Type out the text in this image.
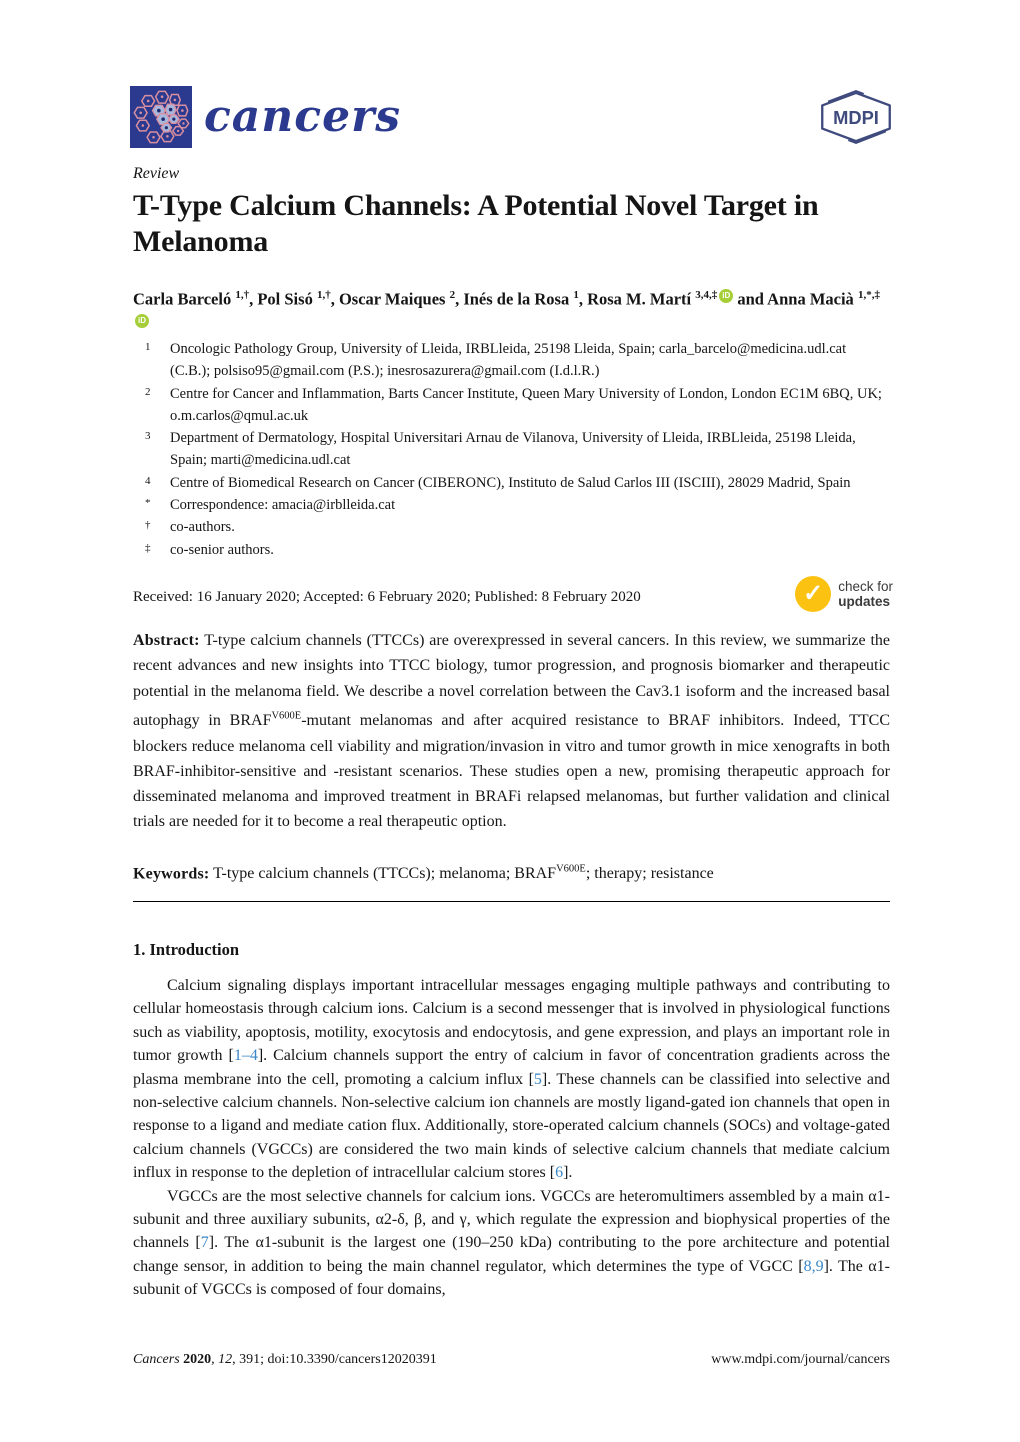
cancers	MDPI
Review
T-Type Calcium Channels: A Potential Novel Target in Melanoma
Carla Barceló $^{1,\dagger}$, Pol Sisó $^{1,\dagger}$, Oscar Maiques $^2$, Inés de la Rosa $^1$, Rosa M. Martí $^{3,4,\ddagger}$ iD and Anna Macià $^{1,*,\ddagger}$iD
1	Oncologic Pathology Group, University of Lleida, IRBLleida, 25198 Lleida, Spain; carla_barcelo@medicina.udl.cat (C.B.); polsiso95@gmail.com (P.S.); inesrosazurera@gmail.com (I.d.l.R.)
2	Centre for Cancer and Inflammation, Barts Cancer Institute, Queen Mary University of London, London EC1M 6BQ, UK; o.m.carlos@qmul.ac.uk
3	Department of Dermatology, Hospital Universitari Arnau de Vilanova, University of Lleida, IRBLleida, 25198 Lleida, Spain; marti@medicina.udl.cat
4	Centre of Biomedical Research on Cancer (CIBERONC), Instituto de Salud Carlos III (ISCIII), 28029 Madrid, Spain
*	Correspondence: amacia@irblleida.cat
†	co-authors.
‡	co-senior authors.
Received: 16 January 2020; Accepted: 6 February 2020; Published: 8 February 2020	✓	check for
updates
Abstract: T-type calcium channels (TTCCs) are overexpressed in several cancers. In this review, we summarize the recent advances and new insights into TTCC biology, tumor progression, and prognosis biomarker and therapeutic potential in the melanoma field. We describe a novel correlation between the Cav3.1 isoform and the increased basal autophagy in $BRAF^{V600E}$-mutant melanomas and after acquired resistance to BRAF inhibitors. Indeed, TTCC blockers reduce melanoma cell viability and migration/invasion in vitro and tumor growth in mice xenografts in both BRAF-inhibitor-sensitive and -resistant scenarios. These studies open a new, promising therapeutic approach for disseminated melanoma and improved treatment in BRAFi relapsed melanomas, but further validation and clinical trials are needed for it to become a real therapeutic option.
Keywords: T-type calcium channels (TTCCs); melanoma; $BRAF^{V600E}$; therapy; resistance
1. Introduction

Calcium signaling displays important intracellular messages engaging multiple pathways and contributing to cellular homeostasis through calcium ions. Calcium is a second messenger that is involved in physiological functions such as viability, apoptosis, motility, exocytosis and endocytosis, and gene expression, and plays an important role in tumor growth [1–4]. Calcium channels support the entry of calcium in favor of concentration gradients across the plasma membrane into the cell, promoting a calcium influx [5]. These channels can be classified into selective and non-selective calcium channels. Non-selective calcium ion channels are mostly ligand-gated ion channels that open in response to a ligand and mediate cation flux. Additionally, store-operated calcium channels (SOCs) and voltage-gated calcium channels (VGCCs) are considered the two main kinds of selective calcium channels that mediate calcium influx in response to the depletion of intracellular calcium stores [6].

VGCCs are the most selective channels for calcium ions. VGCCs are heteromultimers assembled by a main α1-subunit and three auxiliary subunits, α2-δ, β, and γ, which regulate the expression and biophysical properties of the channels [7]. The α1-subunit is the largest one (190–250 kDa) contributing to the pore architecture and potential change sensor, in addition to being the main channel regulator, which determines the type of VGCC [8,9]. The α1-subunit of VGCCs is composed of four domains,

Cancers 2020, 12, 391; doi:10.3390/cancers12020391	www.mdpi.com/journal/cancers
